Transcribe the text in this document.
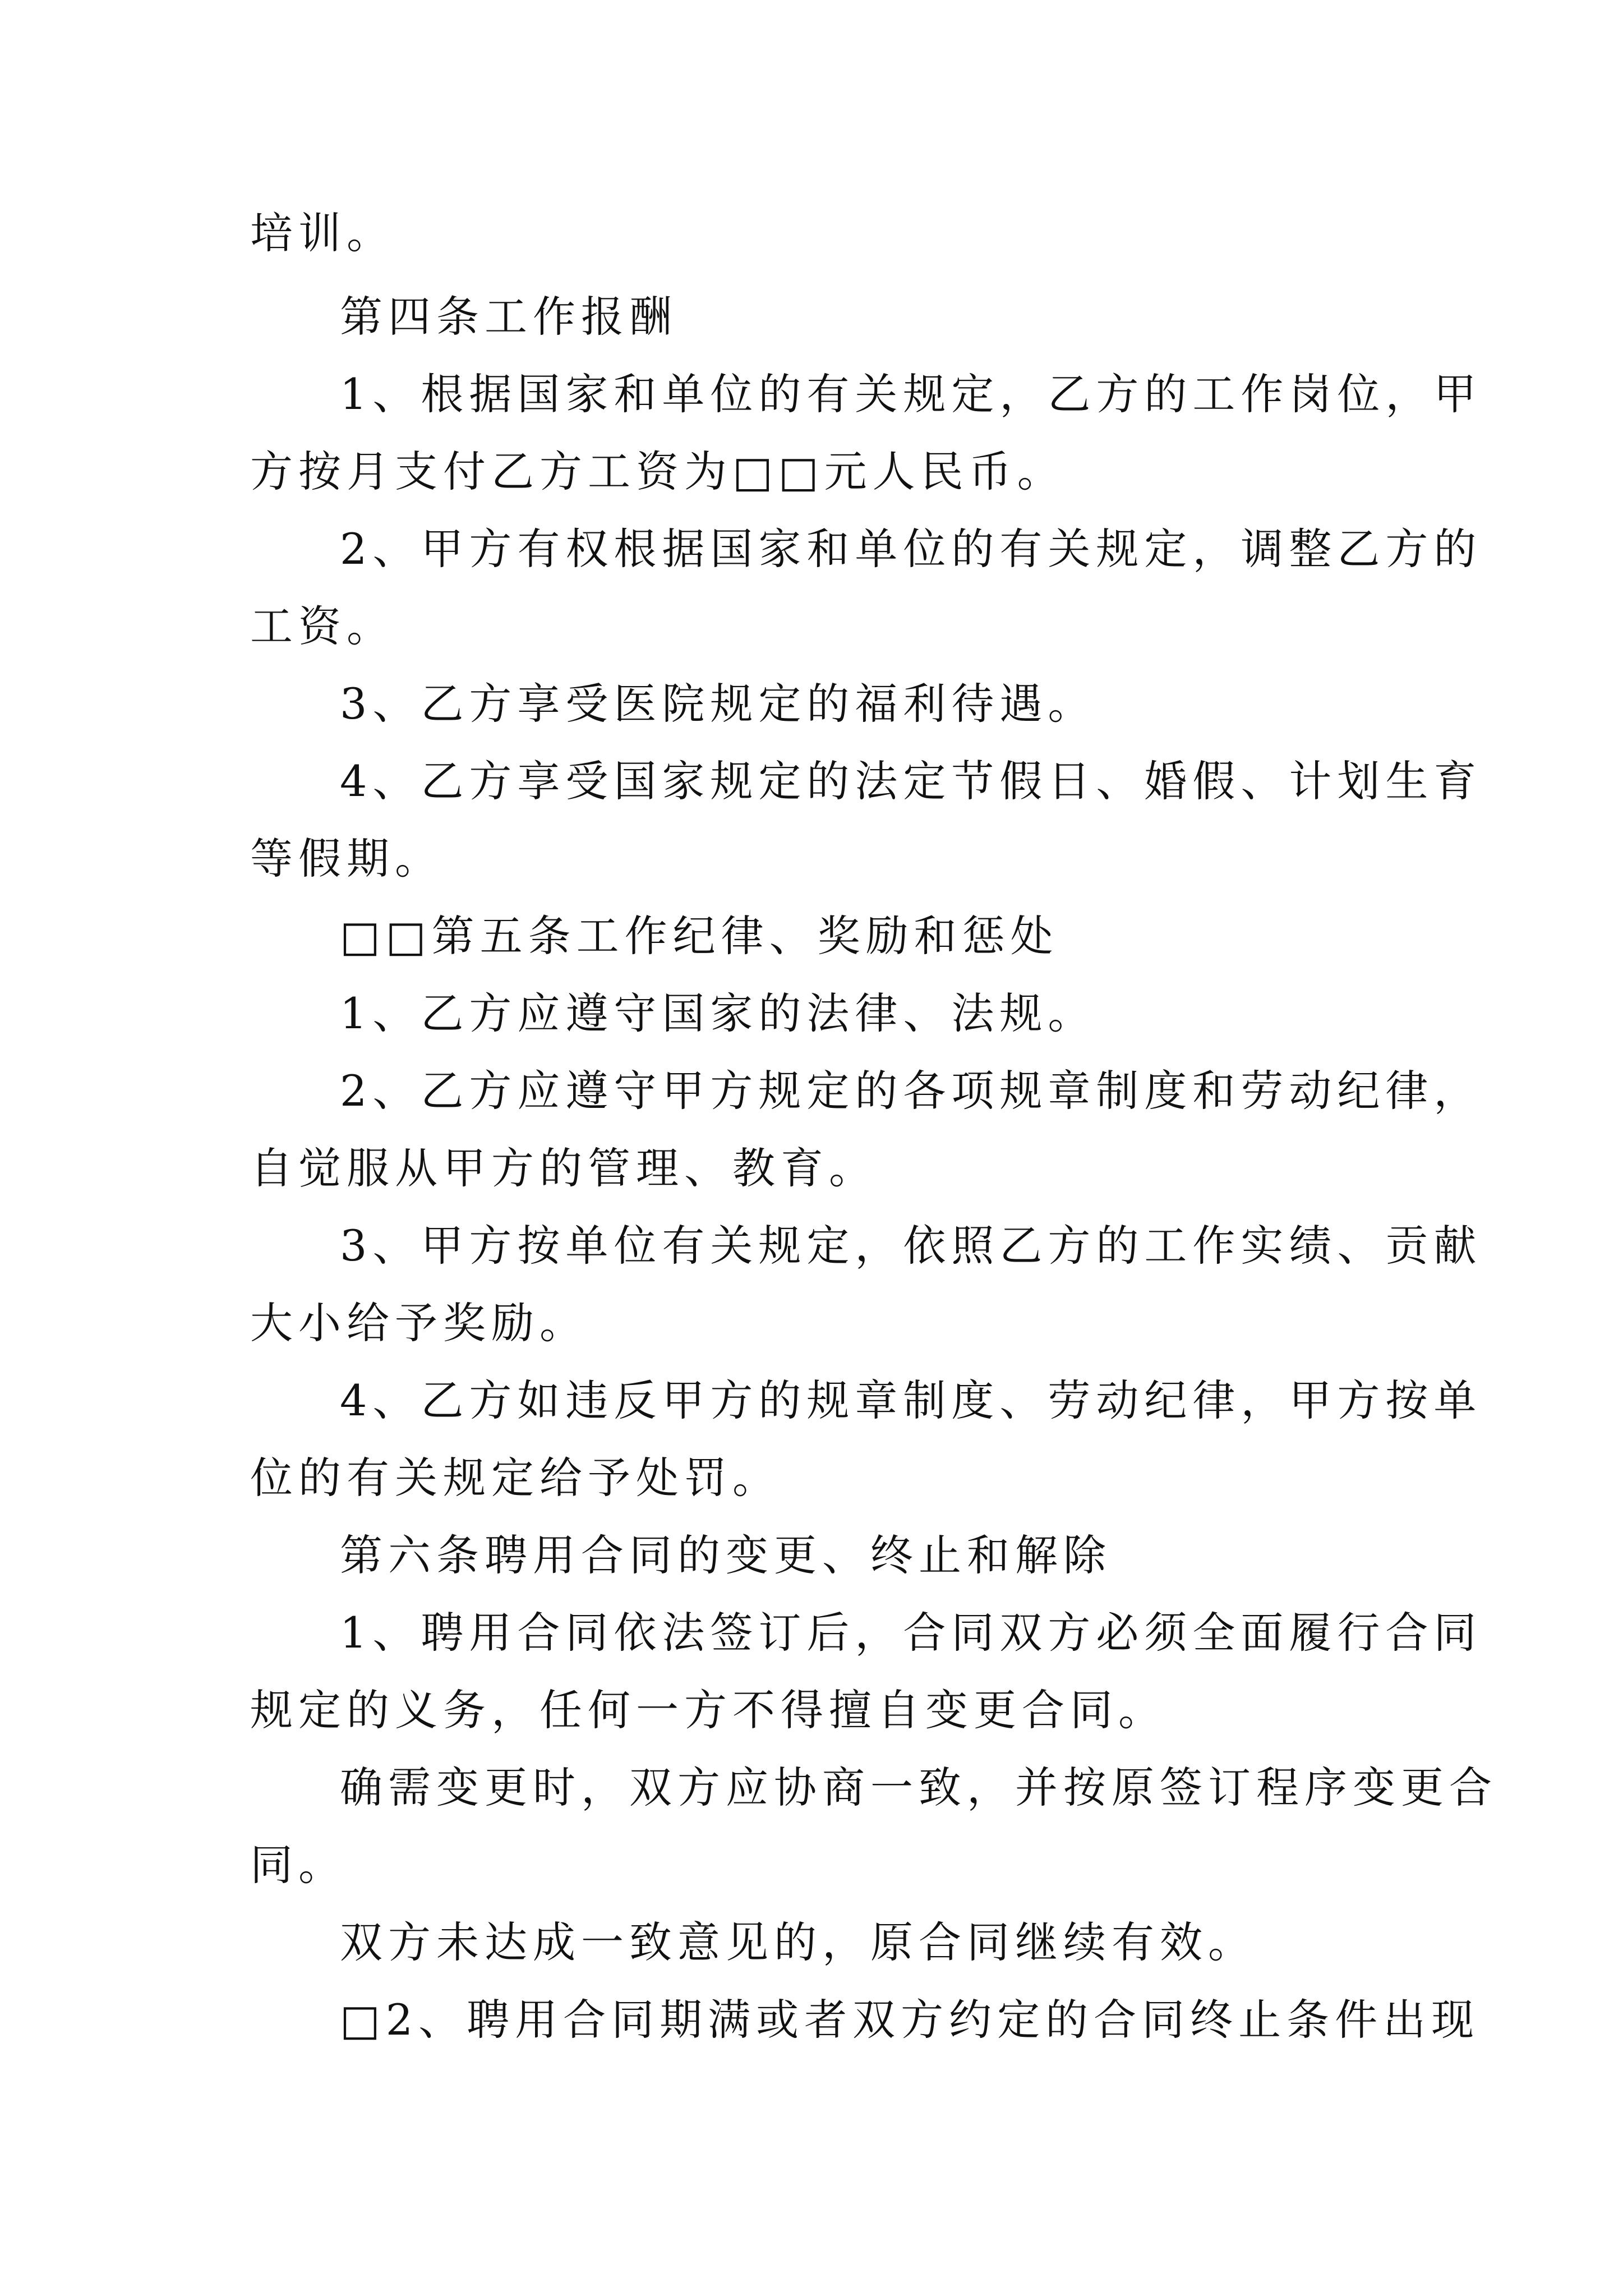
培训。
第四条工作报酬
1、根据国家和单位的有关规定，乙方的工作岗位，甲
方按月支付乙方工资为□□元人民币。
2、甲方有权根据国家和单位的有关规定，调整乙方的
工资。
3、乙方享受医院规定的福利待遇。
4、乙方享受国家规定的法定节假日、婚假、计划生育
等假期。
□□第五条工作纪律、奖励和惩处
1、乙方应遵守国家的法律、法规。
2、乙方应遵守甲方规定的各项规章制度和劳动纪律，
自觉服从甲方的管理、教育。
3、甲方按单位有关规定，依照乙方的工作实绩、贡献
大小给予奖励。
4、乙方如违反甲方的规章制度、劳动纪律，甲方按单
位的有关规定给予处罚。
第六条聘用合同的变更、终止和解除
1、聘用合同依法签订后，合同双方必须全面履行合同
规定的义务，任何一方不得擅自变更合同。
确需变更时，双方应协商一致，并按原签订程序变更合
同。
双方未达成一致意见的，原合同继续有效。
□2、聘用合同期满或者双方约定的合同终止条件出现
